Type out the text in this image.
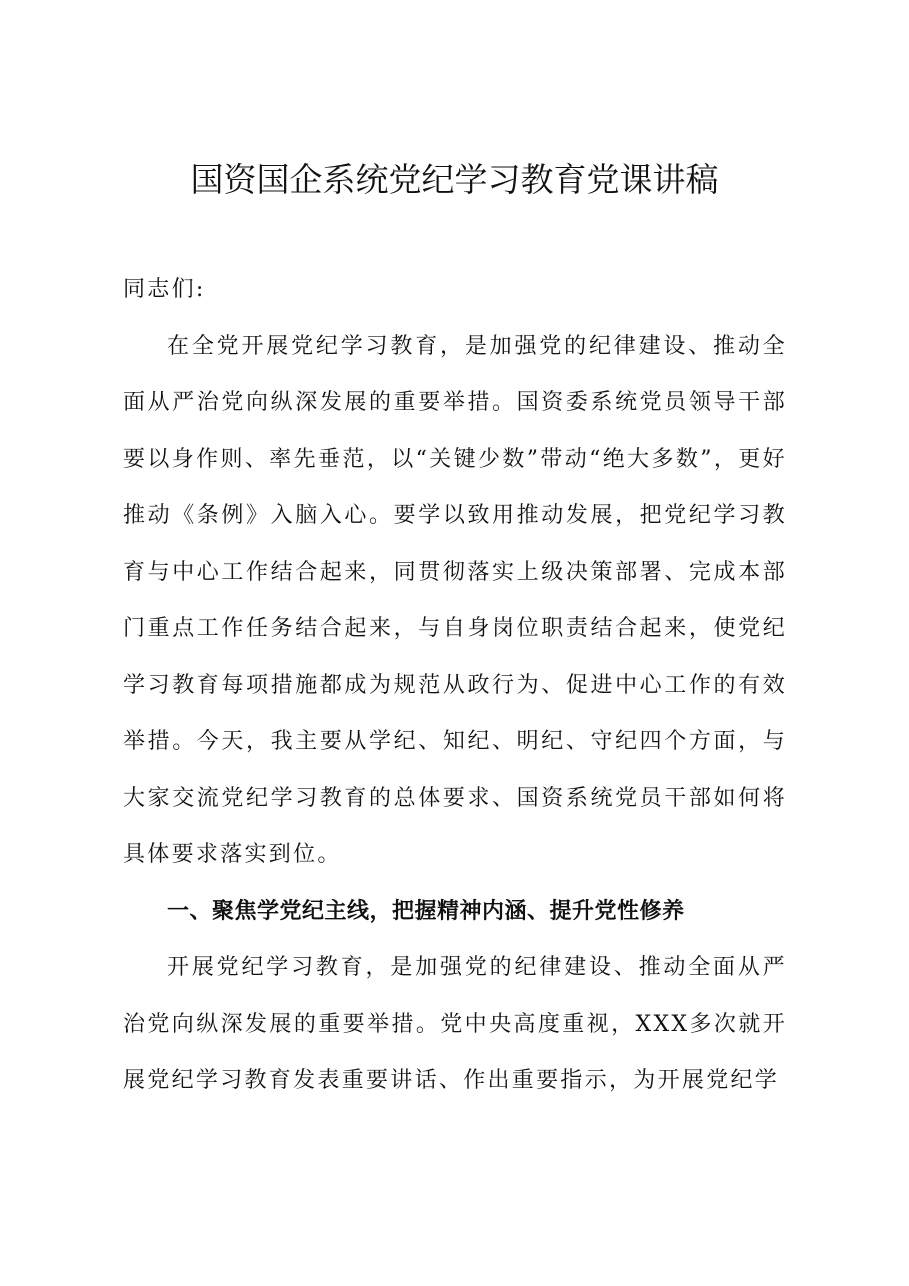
国资国企系统党纪学习教育党课讲稿

同志们:

在全党开展党纪学习教育，是加强党的纪律建设、推动全面从严治党向纵深发展的重要举措。国资委系统党员领导干部要以身作则、率先垂范，以“关键少数”带动“绝大多数”，更好推动《条例》入脑入心。要学以致用推动发展，把党纪学习教育与中心工作结合起来，同贯彻落实上级决策部署、完成本部门重点工作任务结合起来，与自身岗位职责结合起来，使党纪学习教育每项措施都成为规范从政行为、促进中心工作的有效举措。今天，我主要从学纪、知纪、明纪、守纪四个方面，与大家交流党纪学习教育的总体要求、国资系统党员干部如何将具体要求落实到位。

一、聚焦学党纪主线，把握精神内涵、提升党性修养

开展党纪学习教育，是加强党的纪律建设、推动全面从严治党向纵深发展的重要举措。党中央高度重视，XXX多次就开展党纪学习教育发表重要讲话、作出重要指示，为开展党纪学
